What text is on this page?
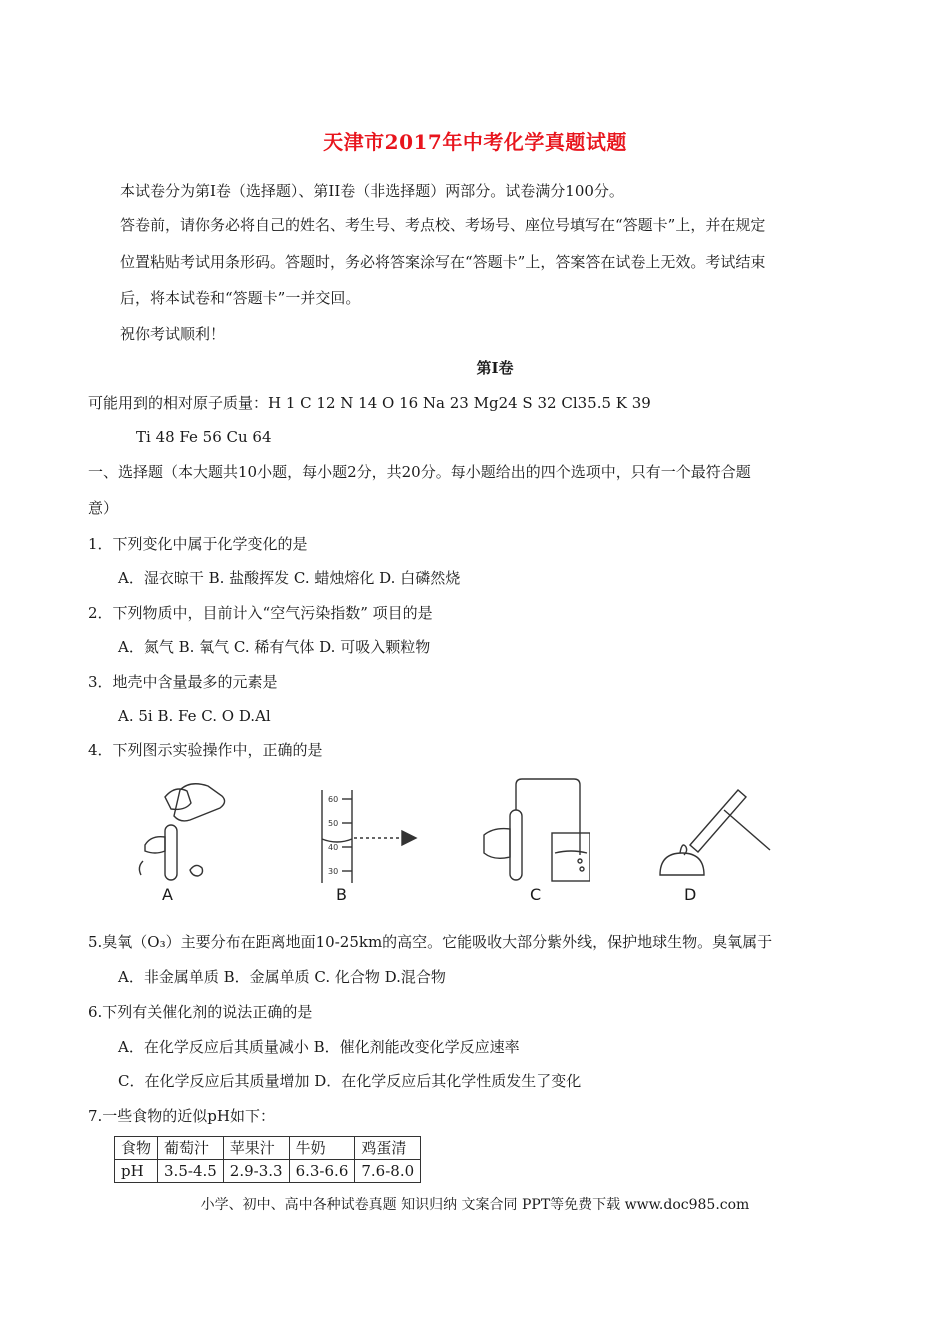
天津市2017年中考化学真题试题
本试卷分为第Ⅰ卷（选择题）、第II卷（非选择题）两部分。试卷满分100分。
答卷前，请你务必将自己的姓名、考生号、考点校、考场号、座位号填写在“答题卡”上，并在规定
位置粘贴考试用条形码。答题时，务必将答案涂写在“答题卡”上，答案答在试卷上无效。考试结束
后，将本试卷和“答题卡”一并交回。
祝你考试顺利！
第Ⅰ卷
可能用到的相对原子质量：H 1 C 12 N 14 O 16 Na 23 Mg24 S 32 Cl35.5 K 39
Ti 48 Fe 56 Cu 64
一、选择题（本大题共10小题，每小题2分，共20分。每小题给出的四个选项中，只有一个最符合题
意）
1．下列变化中属于化学变化的是
A．湿衣晾干 B. 盐酸挥发 C. 蜡烛熔化 D. 白磷然烧
2．下列物质中，目前计入“空气污染指数” 项目的是
A．氮气 B. 氧气 C. 稀有气体 D. 可吸入颗粒物
3．地壳中含量最多的元素是
A. 5i B. Fe C. O D.Al
4．下列图示实验操作中，正确的是
A
60
50
40
30
B	C	D
5.臭氧（O₃）主要分布在距离地面10-25km的高空。它能吸收大部分紫外线，保护地球生物。臭氧属于
A．非金属单质 B．金属单质 C. 化合物 D.混合物
6.下列有关催化剂的说法正确的是
A．在化学反应后其质量减小 B．催化剂能改变化学反应速率
C．在化学反应后其质量增加 D．在化学反应后其化学性质发生了变化
7.一些食物的近似pH如下：
食物	葡萄汁	苹果汁	牛奶	鸡蛋清
pH	3.5-4.5	2.9-3.3	6.3-6.6	7.6-8.0
小学、初中、高中各种试卷真题 知识归纳 文案合同 PPT等免费下载 www.doc985.com
